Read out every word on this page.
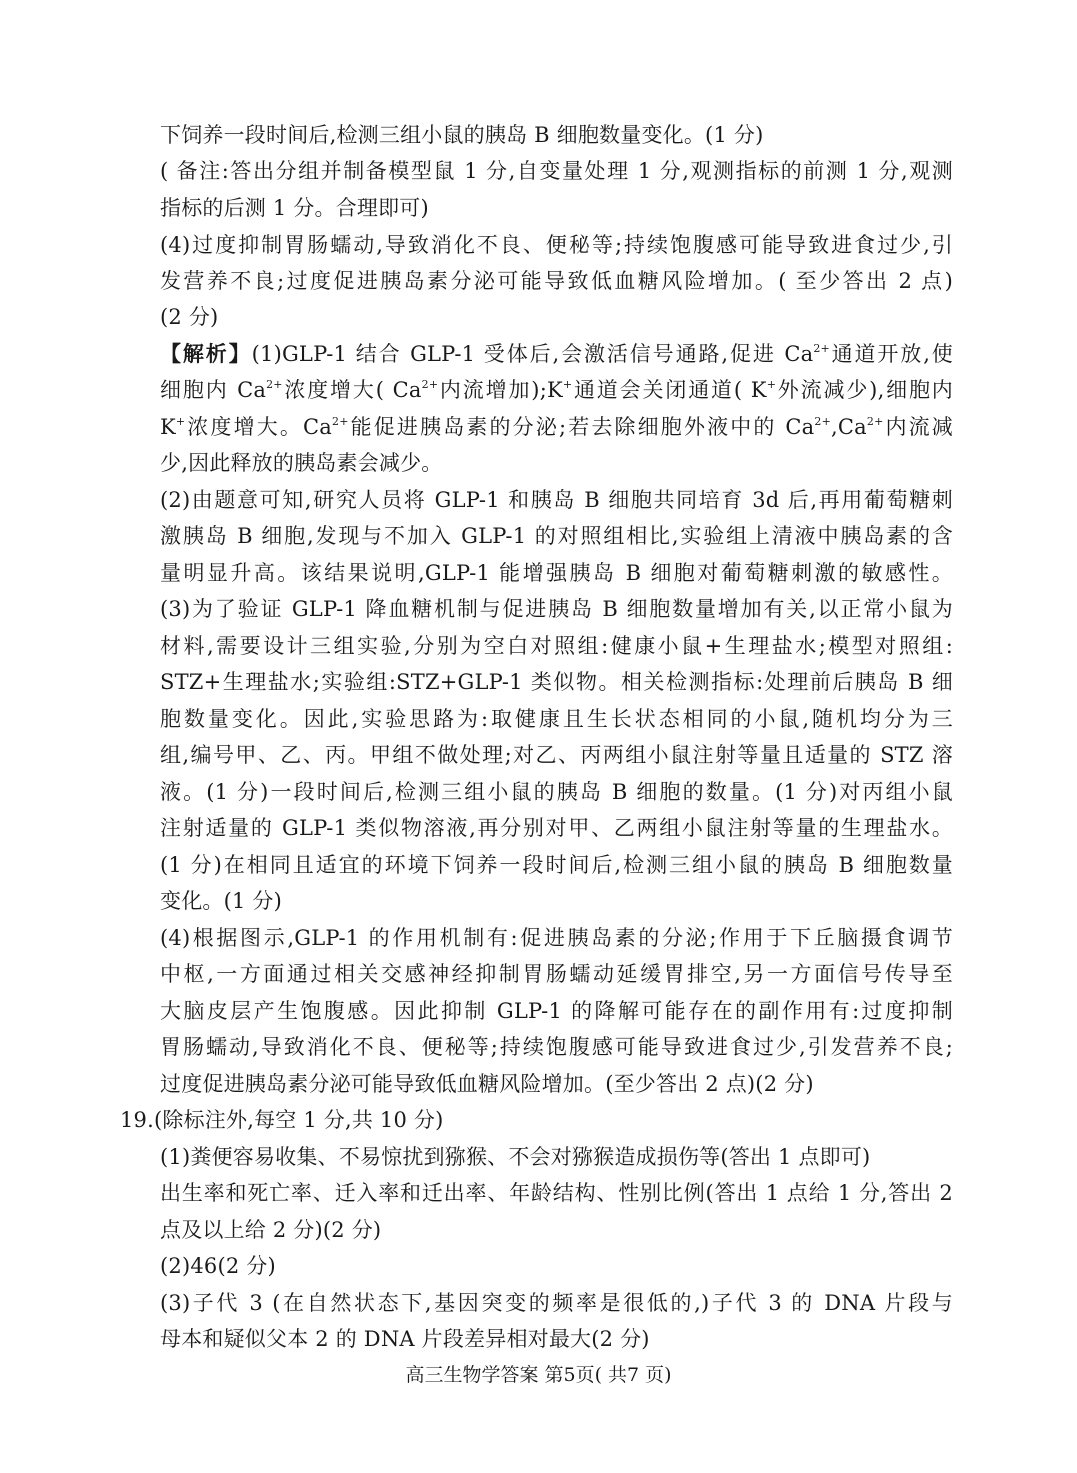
下饲养一段时间后,检测三组小鼠的胰岛 B 细胞数量变化。(1 分)
( 备注:答出分组并制备模型鼠 1 分,自变量处理 1 分,观测指标的前测 1 分,观测
指标的后测 1 分。合理即可)
(4)过度抑制胃肠蠕动,导致消化不良、便秘等;持续饱腹感可能导致进食过少,引
发营养不良;过度促进胰岛素分泌可能导致低血糖风险增加。( 至少答出 2 点)
(2 分)
【解析】(1)GLP-1 结合 GLP-1 受体后,会激活信号通路,促进 $Ca^{2+}$通道开放,使
细胞内 $Ca^{2+}$浓度增大( $Ca^{2+}$内流增加);K+通道会关闭通道( K+外流减少),细胞内
K+浓度增大。$Ca^{2+}$能促进胰岛素的分泌;若去除细胞外液中的 $Ca^{2+},Ca^{2+}$内流减
少,因此释放的胰岛素会减少。
(2)由题意可知,研究人员将 GLP-1 和胰岛 B 细胞共同培育 3d 后,再用葡萄糖刺
激胰岛 B 细胞,发现与不加入 GLP-1 的对照组相比,实验组上清液中胰岛素的含
量明显升高。该结果说明,GLP-1 能增强胰岛 B 细胞对葡萄糖刺激的敏感性。
(3)为了验证 GLP-1 降血糖机制与促进胰岛 B 细胞数量增加有关,以正常小鼠为
材料,需要设计三组实验,分别为空白对照组:健康小鼠+生理盐水;模型对照组:
STZ+生理盐水;实验组:STZ+GLP-1 类似物。相关检测指标:处理前后胰岛 B 细
胞数量变化。因此,实验思路为:取健康且生长状态相同的小鼠,随机均分为三
组,编号甲、乙、丙。甲组不做处理;对乙、丙两组小鼠注射等量且适量的 STZ 溶
液。(1 分)一段时间后,检测三组小鼠的胰岛 B 细胞的数量。(1 分)对丙组小鼠
注射适量的 GLP-1 类似物溶液,再分别对甲、乙两组小鼠注射等量的生理盐水。
(1 分)在相同且适宜的环境下饲养一段时间后,检测三组小鼠的胰岛 B 细胞数量
变化。(1 分)
(4)根据图示,GLP-1 的作用机制有:促进胰岛素的分泌;作用于下丘脑摄食调节
中枢,一方面通过相关交感神经抑制胃肠蠕动延缓胃排空,另一方面信号传导至
大脑皮层产生饱腹感。因此抑制 GLP-1 的降解可能存在的副作用有:过度抑制
胃肠蠕动,导致消化不良、便秘等;持续饱腹感可能导致进食过少,引发营养不良;
过度促进胰岛素分泌可能导致低血糖风险增加。(至少答出 2 点)(2 分)
19.(除标注外,每空 1 分,共 10 分)
(1)粪便容易收集、不易惊扰到猕猴、不会对猕猴造成损伤等(答出 1 点即可)
出生率和死亡率、迁入率和迁出率、年龄结构、性别比例(答出 1 点给 1 分,答出 2
点及以上给 2 分)(2 分)
(2)46(2 分)
(3)子代 3 (在自然状态下,基因突变的频率是很低的,)子代 3 的 DNA 片段与
母本和疑似父本 2 的 DNA 片段差异相对最大(2 分)
高三生物学答案 第5页( 共7 页)
